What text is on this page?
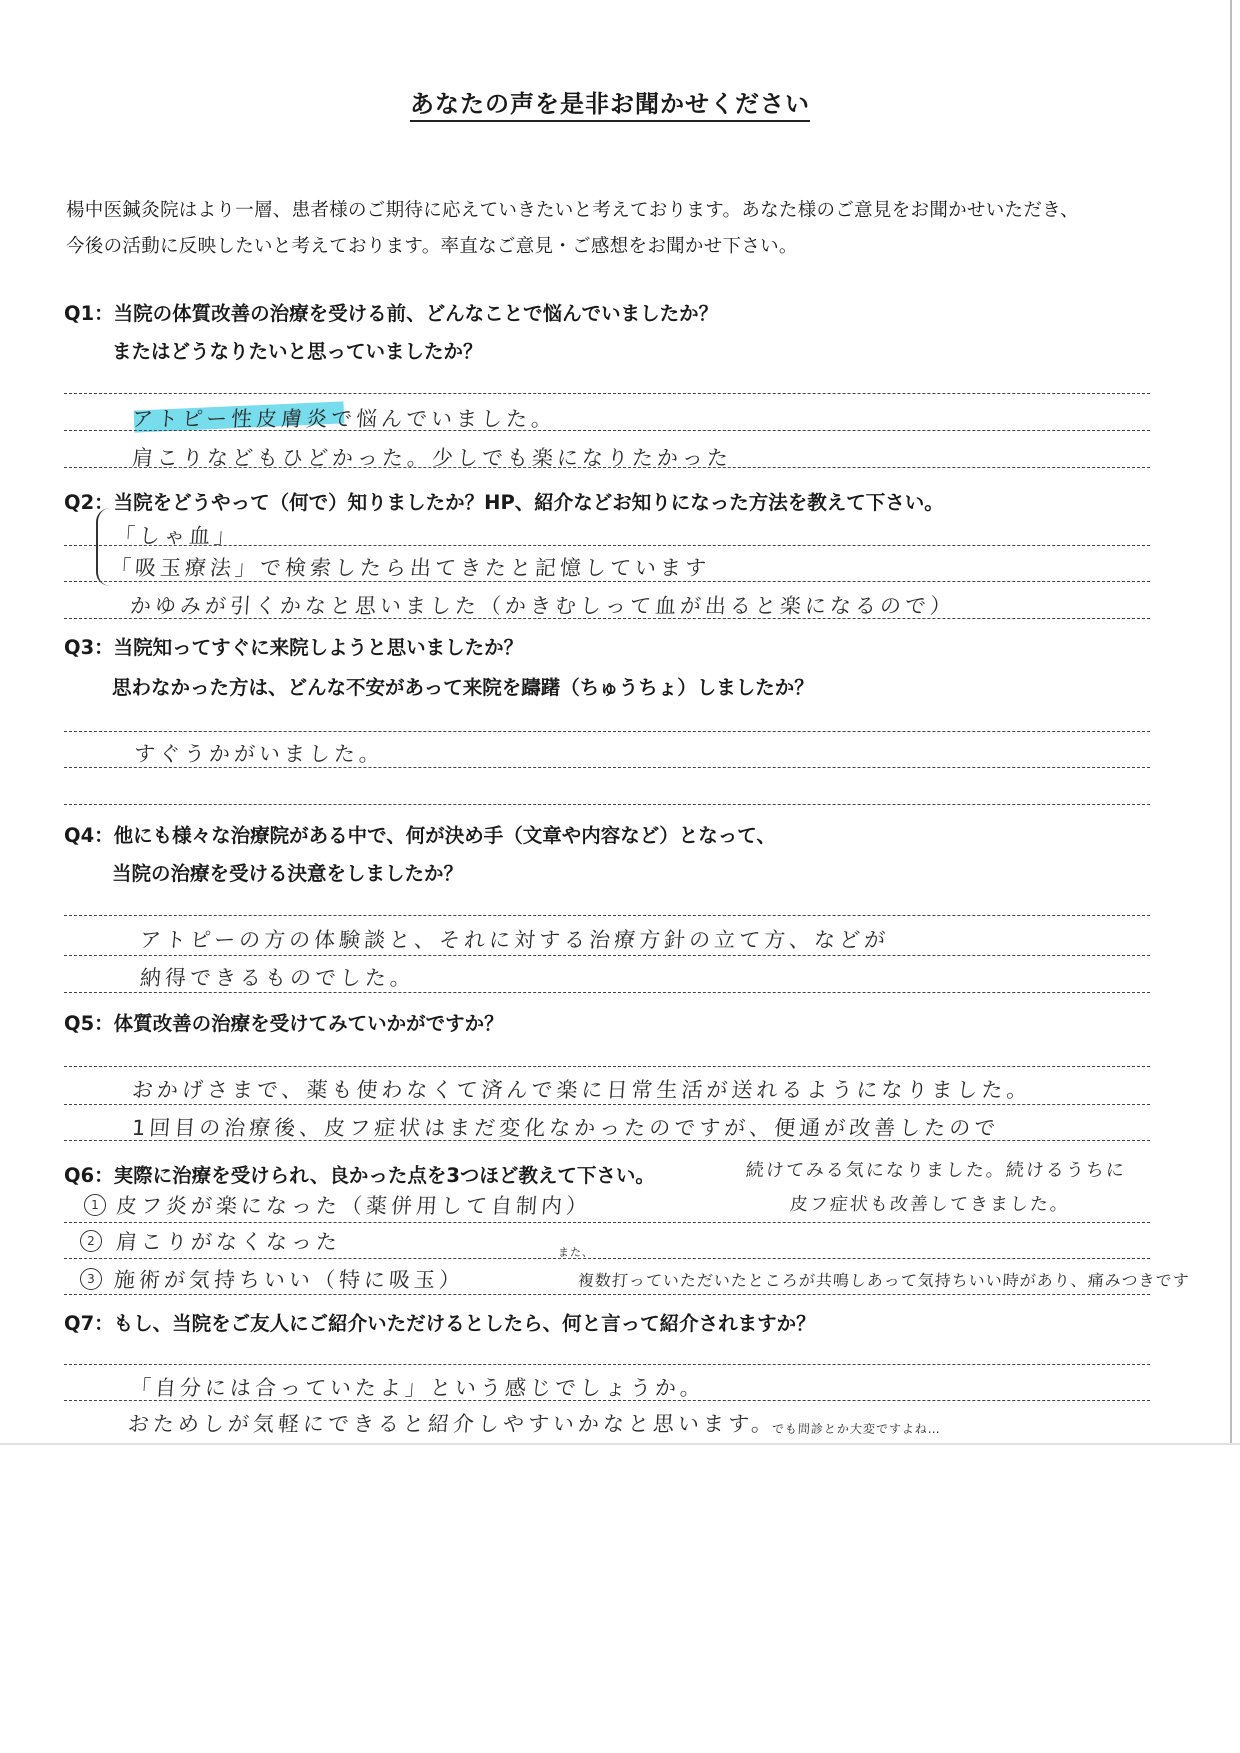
あなたの声を是非お聞かせください
楊中医鍼灸院はより一層、患者様のご期待に応えていきたいと考えております。あなた様のご意見をお聞かせいただき、
今後の活動に反映したいと考えております。率直なご意見・ご感想をお聞かせ下さい。
Q1：当院の体質改善の治療を受ける前、どんなことで悩んでいましたか？
またはどうなりたいと思っていましたか？
アトピー性皮膚炎で悩んでいました。
肩こりなどもひどかった。少しでも楽になりたかった
Q2：当院をどうやって（何で）知りましたか？HP、紹介などお知りになった方法を教えて下さい。
「しゃ血」
「吸玉療法」で検索したら出てきたと記憶しています
かゆみが引くかなと思いました（かきむしって血が出ると楽になるので）
Q3：当院知ってすぐに来院しようと思いましたか？
思わなかった方は、どんな不安があって来院を躊躇（ちゅうちょ）しましたか？
すぐうかがいました。
Q4：他にも様々な治療院がある中で、何が決め手（文章や内容など）となって、
当院の治療を受ける決意をしましたか？
アトピーの方の体験談と、それに対する治療方針の立て方、などが
納得できるものでした。
Q5：体質改善の治療を受けてみていかがですか？
おかげさまで、薬も使わなくて済んで楽に日常生活が送れるようになりました。
1回目の治療後、皮フ症状はまだ変化なかったのですが、便通が改善したので
続けてみる気になりました。続けるうちに
皮フ症状も改善してきました。
Q6：実際に治療を受けられ、良かった点を3つほど教えて下さい。
1 皮フ炎が楽になった（薬併用して自制内）
2 肩こりがなくなった	また、
3 施術が気持ちいい（特に吸玉）	複数打っていただいたところが共鳴しあって気持ちいい時があり、痛みつきです
Q7：もし、当院をご友人にご紹介いただけるとしたら、何と言って紹介されますか？
「自分には合っていたよ」という感じでしょうか。
おためしが気軽にできると紹介しやすいかなと思います。
でも問診とか大変ですよね…
